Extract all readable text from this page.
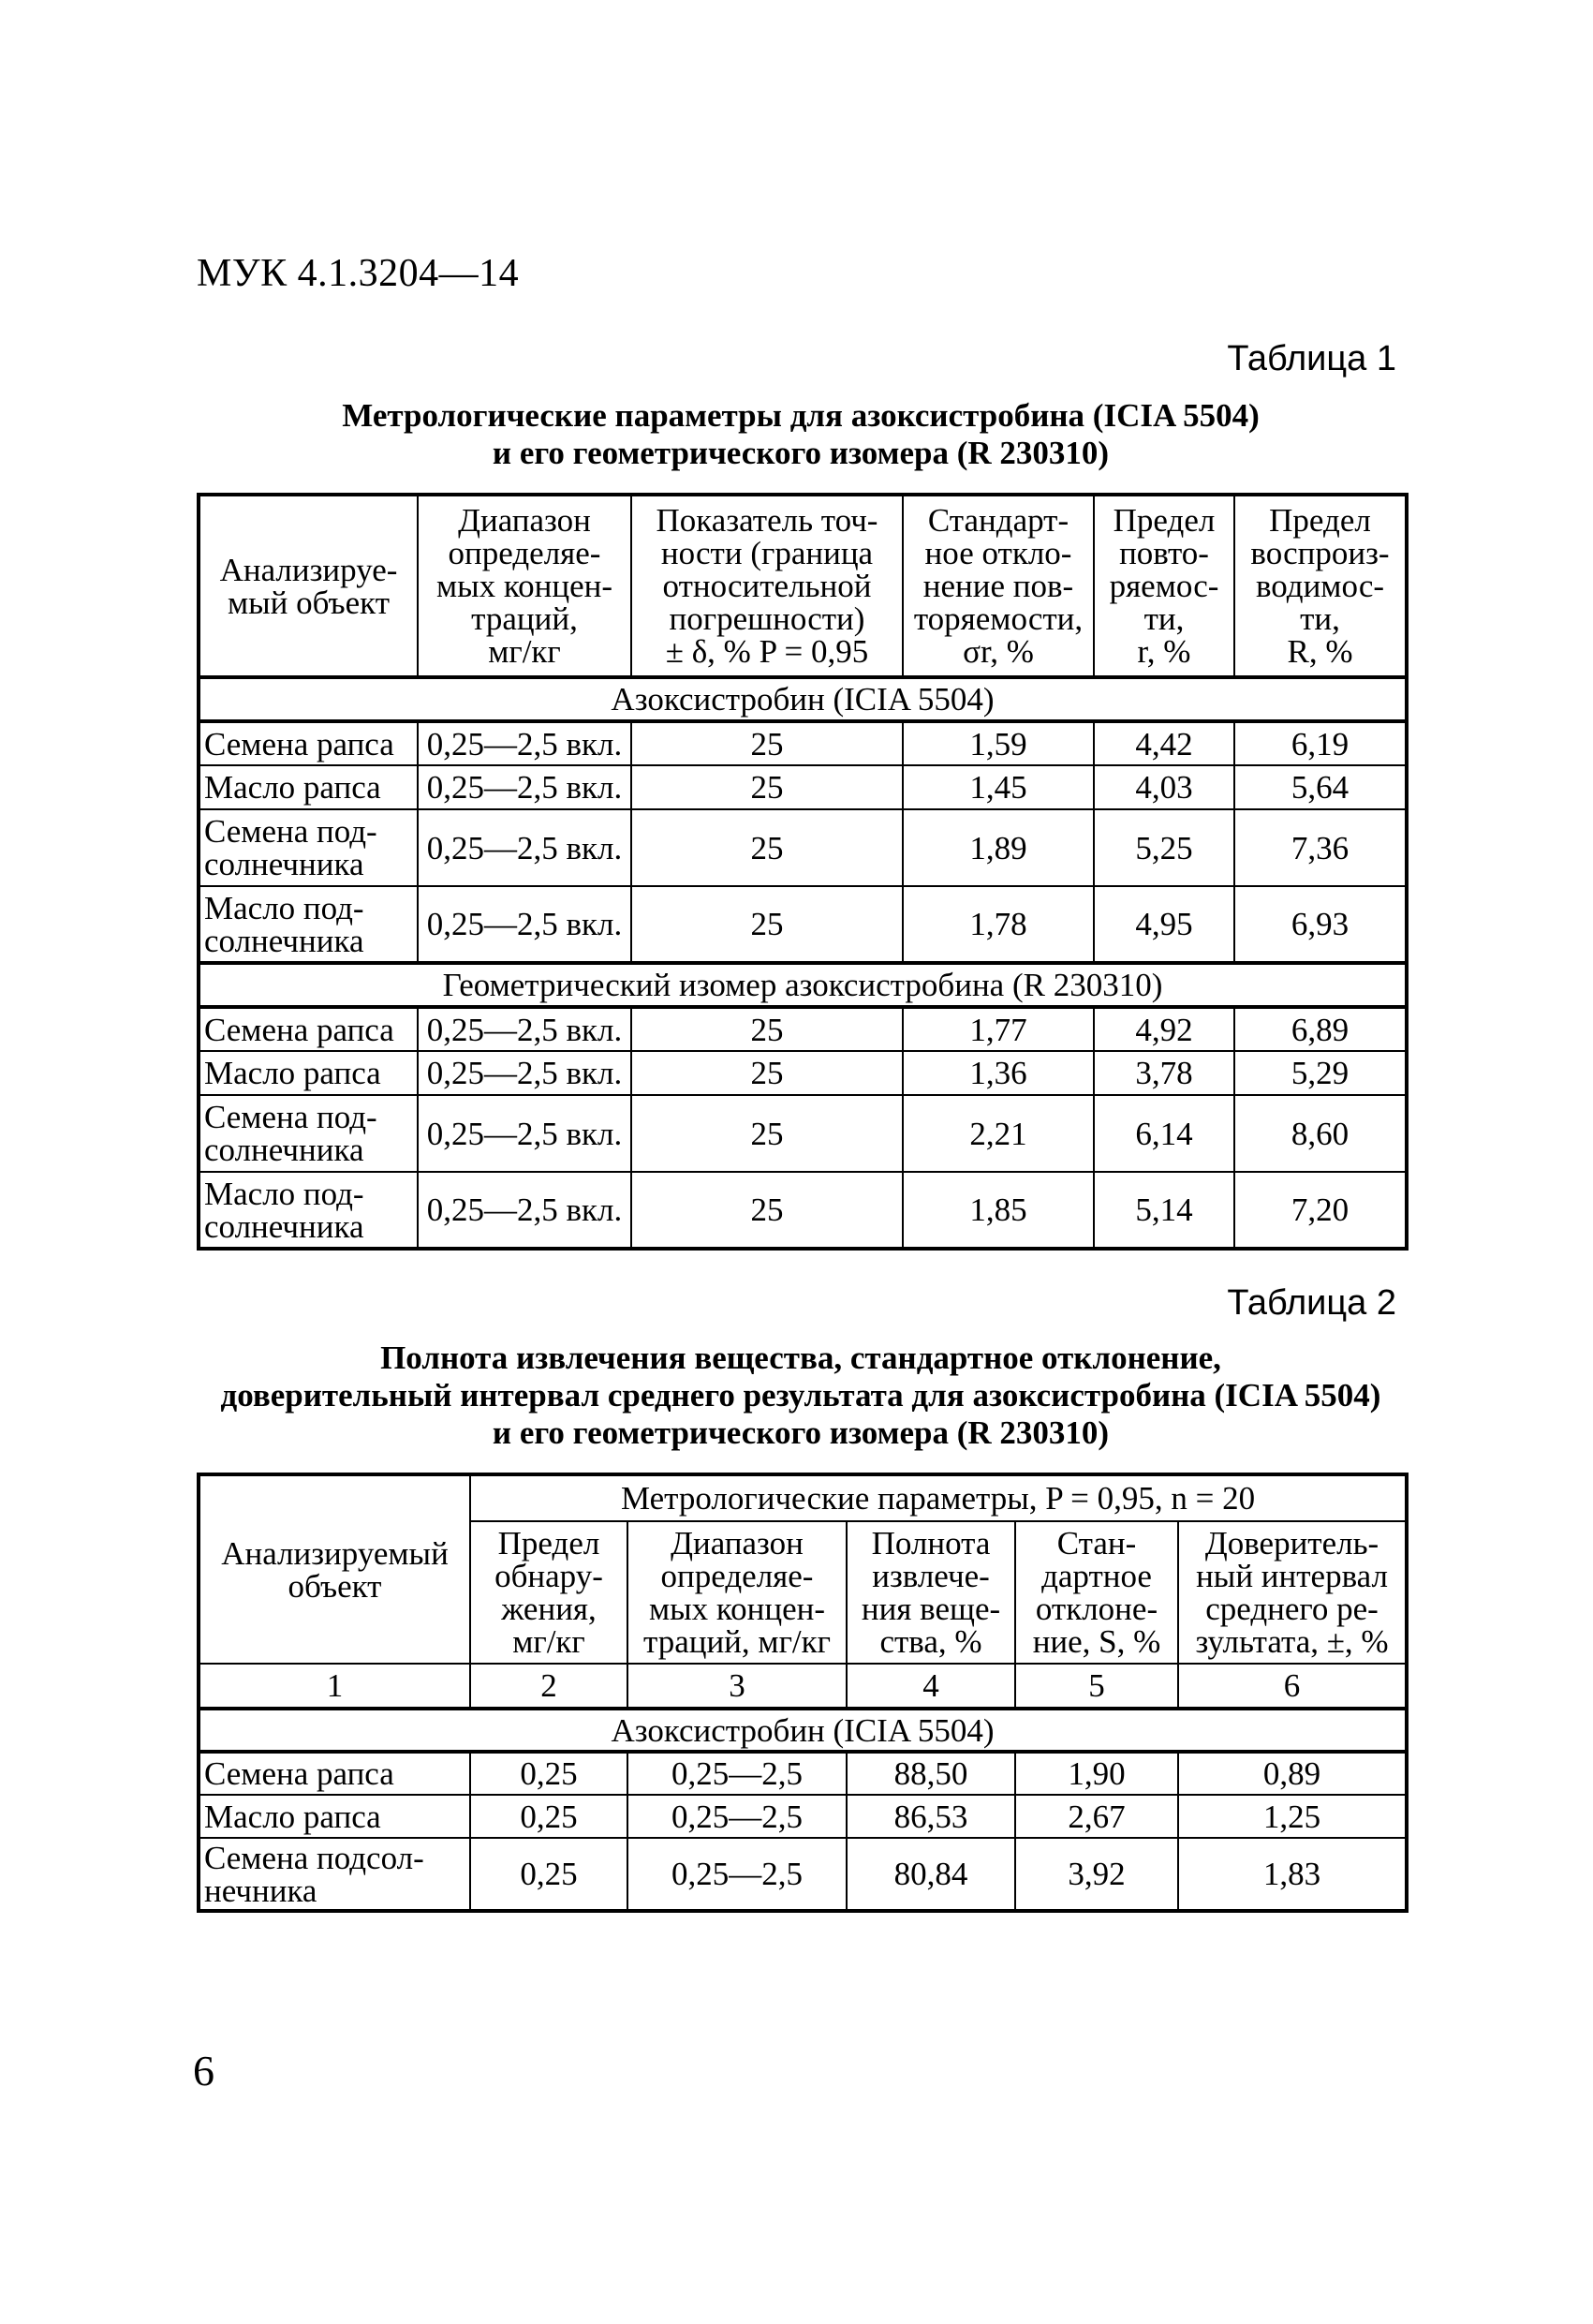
МУК 4.1.3204—14
Таблица 1
Метрологические параметры для азоксистробина (ICIA 5504)
и его геометрического изомера (R 230310)
Анализируе-
мый объект	Диапазон
определяе-
мых концен-
траций,
мг/кг	Показатель точ-
ности (граница
относительной
погрешности)
± δ, % P = 0,95	Стандарт-
ное откло-
нение пов-
торяемости,
σr, %	Предел
повто-
ряемос-
ти,
r, %	Предел
воспроиз-
водимос-
ти,
R, %
Азоксистробин (ICIA 5504)					
Семена рапса	0,25—2,5 вкл.	25	1,59	4,42	6,19
Масло рапса	0,25—2,5 вкл.	25	1,45	4,03	5,64
Семена под-
солнечника	0,25—2,5 вкл.	25	1,89	5,25	7,36
Масло под-
солнечника	0,25—2,5 вкл.	25	1,78	4,95	6,93
Геометрический изомер азоксистробина (R 230310)					
Семена рапса	0,25—2,5 вкл.	25	1,77	4,92	6,89
Масло рапса	0,25—2,5 вкл.	25	1,36	3,78	5,29
Семена под-
солнечника	0,25—2,5 вкл.	25	2,21	6,14	8,60
Масло под-
солнечника	0,25—2,5 вкл.	25	1,85	5,14	7,20
Таблица 2
Полнота извлечения вещества, стандартное отклонение,
доверительный интервал среднего результата для азоксистробина (ICIA 5504)
и его геометрического изомера (R 230310)
Анализируемый
объект	Метрологические параметры, P = 0,95, n = 20				
	Предел
обнару-
жения,
мг/кг	Диапазон
определяе-
мых концен-
траций, мг/кг	Полнота
извлече-
ния веще-
ства, %	Стан-
дартное
отклоне-
ние, S, %	Доверитель-
ный интервал
среднего ре-
зультата, ±, %
1	2	3	4	5	6
Азоксистробин (ICIA 5504)					
Семена рапса	0,25	0,25—2,5	88,50	1,90	0,89
Масло рапса	0,25	0,25—2,5	86,53	2,67	1,25
Семена подсол-
нечника	0,25	0,25—2,5	80,84	3,92	1,83
6
